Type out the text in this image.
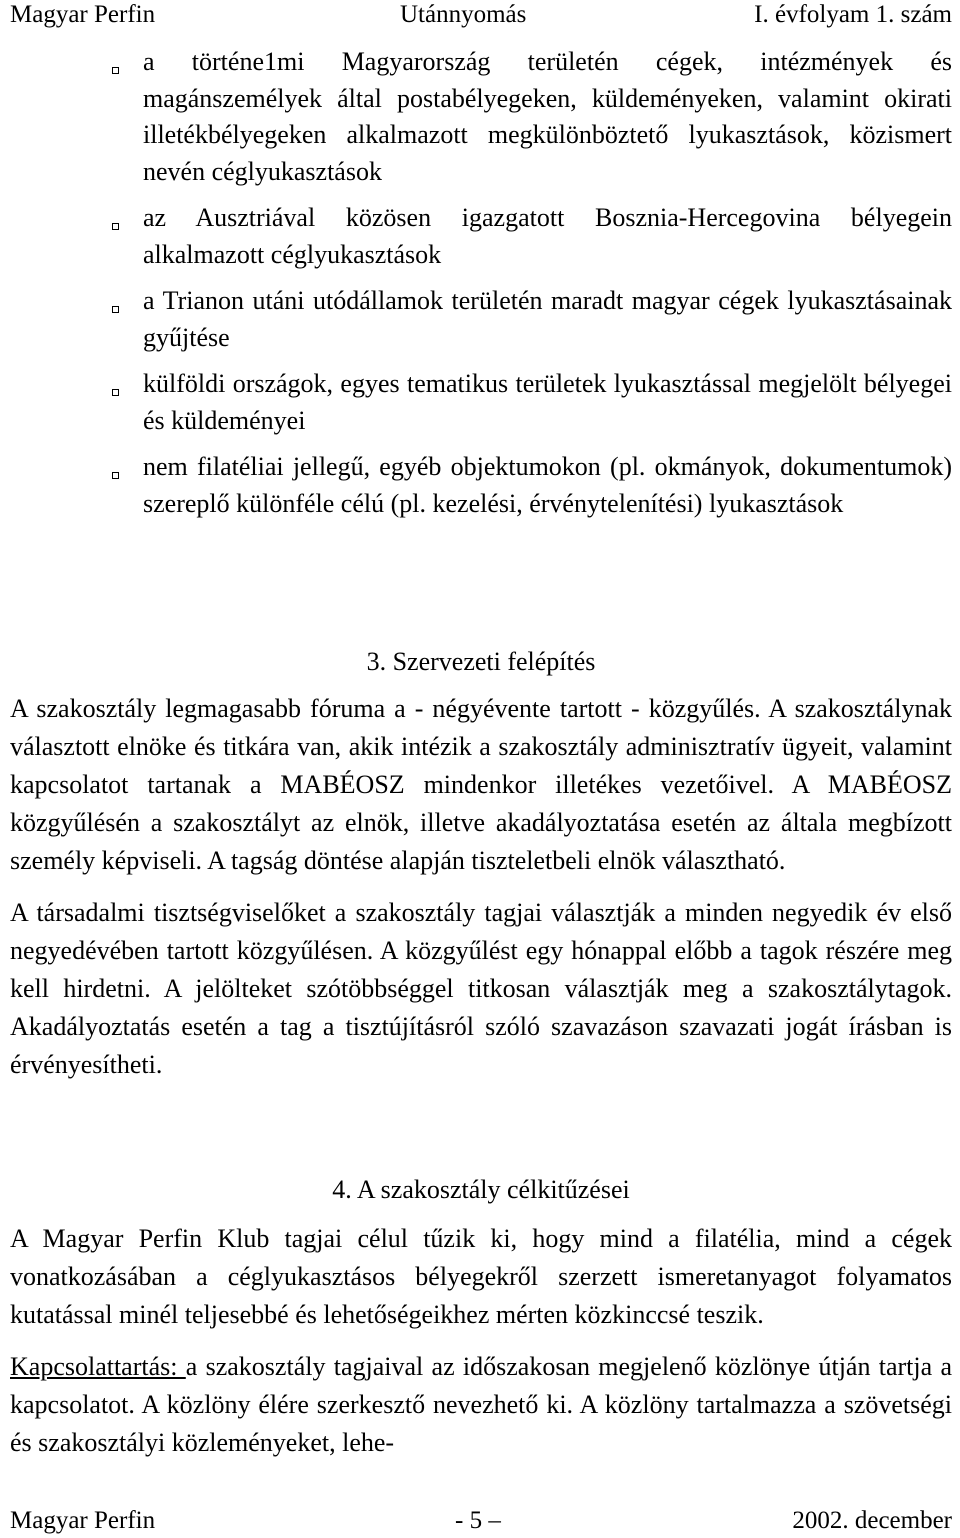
Magyar Perfin	Utánnyomás	I. évfolyam 1. szám
a történe1mi Magyarország területén cégek, intézmények és magánszemélyek által postabélyegeken, küldeményeken, valamint okirati illetékbélyegeken alkalmazott megkülönböztető lyukasztások, közismert nevén céglyukasztások
az Ausztriával közösen igazgatott Bosznia-Hercegovina bélyegein alkalmazott céglyukasztások
a Trianon utáni utódállamok területén maradt magyar cégek lyukasztásainak gyűjtése
külföldi országok, egyes tematikus területek lyukasztással megjelölt bélyegei és küldeményei
nem filatéliai jellegű, egyéb objektumokon (pl. okmányok, dokumentumok) szereplő különféle célú (pl. kezelési, érvénytelenítési) lyukasztások
3. Szervezeti felépítés

A szakosztály legmagasabb fóruma a - négyévente tartott - közgyűlés. A szakosztálynak választott elnöke és titkára van, akik intézik a szakosztály adminisztratív ügyeit, valamint kapcsolatot tartanak a MABÉOSZ mindenkor illetékes vezetőivel. A MABÉOSZ közgyűlésén a szakosztályt az elnök, illetve akadályoztatása esetén az általa megbízott személy képviseli. A tagság döntése alapján tiszteletbeli elnök választható.

A társadalmi tisztségviselőket a szakosztály tagjai választják a minden negyedik év első negyedévében tartott közgyűlésen. A közgyűlést egy hónappal előbb a tagok részére meg kell hirdetni. A jelölteket szótöbbséggel titkosan választják meg a szakosztálytagok. Akadályoztatás esetén a tag a tisztújításról szóló szavazáson szavazati jogát írásban is érvényesítheti.

4. A szakosztály célkitűzései

A Magyar Perfin Klub tagjai célul tűzik ki, hogy mind a filatélia, mind a cégek vonatkozásában a céglyukasztásos bélyegekről szerzett ismeretanyagot folyamatos kutatással minél teljesebbé és lehetőségeikhez mérten közkinccsé teszik.

Kapcsolattartás: a szakosztály tagjaival az időszakosan megjelenő közlönye útján tartja a kapcsolatot. A közlöny élére szerkesztő nevezhető ki. A közlöny tartalmazza a szövetségi és szakosztályi közleményeket, lehe-

Magyar Perfin	- 5 –	2002. december
